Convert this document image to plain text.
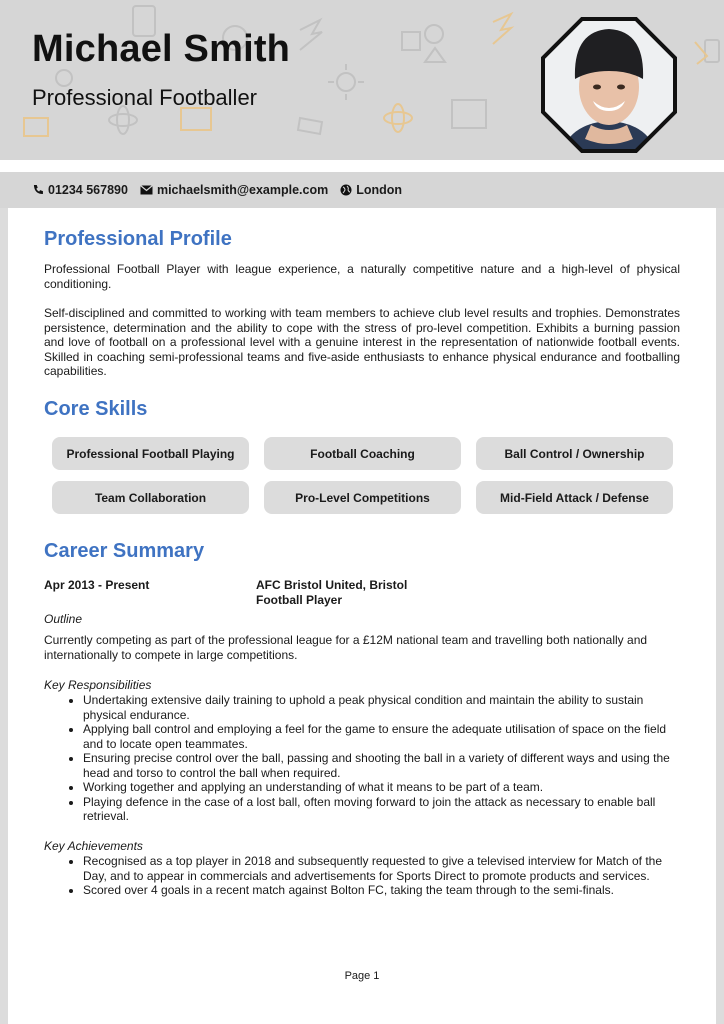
Michael Smith
Professional Footballer
01234 567890 michaelsmith@example.com London
Professional Profile

Professional Football Player with league experience, a naturally competitive nature and a high-level of physical conditioning.

Self-disciplined and committed to working with team members to achieve club level results and trophies. Demonstrates persistence, determination and the ability to cope with the stress of pro-level competition. Exhibits a burning passion and love of football on a professional level with a genuine interest in the representation of nationwide football events. Skilled in coaching semi-professional teams and five-aside enthusiasts to enhance physical endurance and footballing capabilities.

Core Skills
Professional Football Playing	Football Coaching	Ball Control / Ownership
Team Collaboration	Pro-Level Competitions	Mid-Field Attack / Defense
Career Summary
Apr 2013 - Present	AFC Bristol United, Bristol
Football Player
Outline

Currently competing as part of the professional league for a £12M national team and travelling both nationally and internationally to compete in large competitions.

Key Responsibilities
• Undertaking extensive daily training to uphold a peak physical condition and maintain the ability to sustain physical endurance.
• Applying ball control and employing a feel for the game to ensure the adequate utilisation of space on the field and to locate open teammates.
• Ensuring precise control over the ball, passing and shooting the ball in a variety of different ways and using the head and torso to control the ball when required.
• Working together and applying an understanding of what it means to be part of a team.
• Playing defence in the case of a lost ball, often moving forward to join the attack as necessary to enable ball retrieval.
Key Achievements
• Recognised as a top player in 2018 and subsequently requested to give a televised interview for Match of the Day, and to appear in commercials and advertisements for Sports Direct to promote products and services.
• Scored over 4 goals in a recent match against Bolton FC, taking the team through to the semi-finals.
Page 1
